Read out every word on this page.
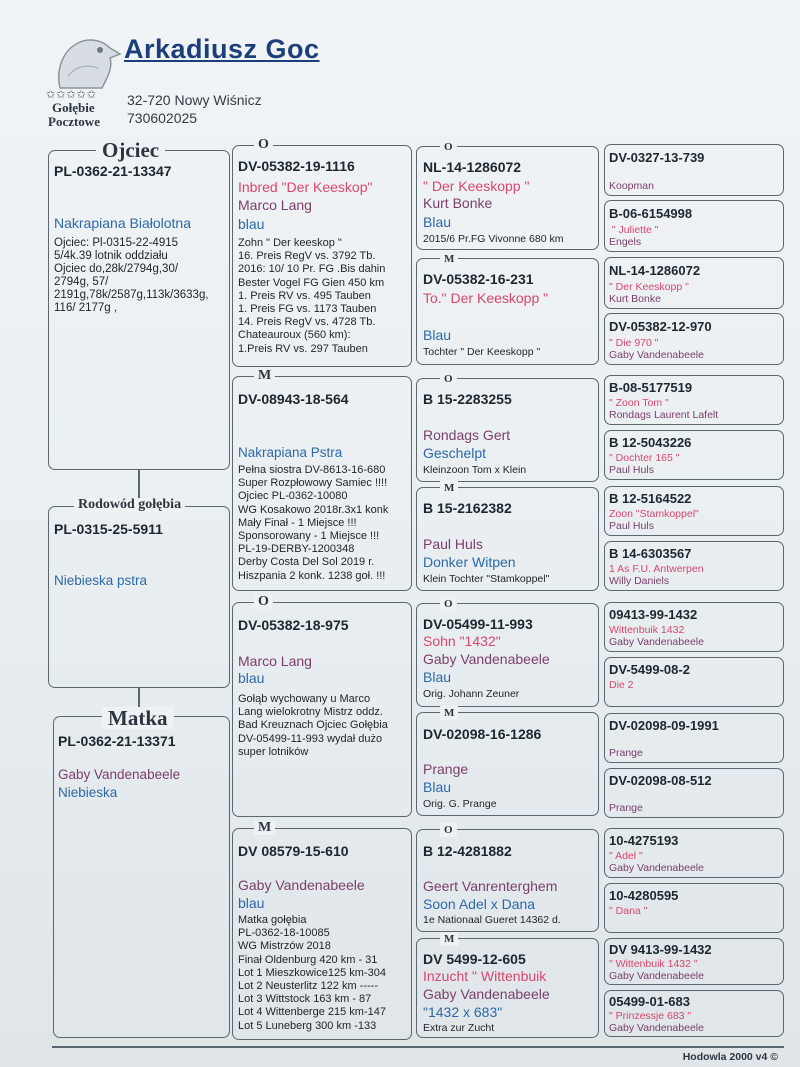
✩✩✩✩✩
Gołębie
Pocztowe
Arkadiusz Goc
32-720 Nowy Wiśnicz
730602025
PL-0362-21-13347
Nakrapiana Białolotna

Ojciec: Pl-0315-22-4915

5/4k.39 lotnik oddziału

Ojciec do,28k/2794g,30/

2794g, 57/

2191g,78k/2587g,113k/3633g,

116/ 2177g ,

Ojciec
PL-0315-25-5911
Niebieska pstra
Rodowód gołębia
PL-0362-21-13371
Gaby Vandenabeele
Niebieska
Matka
DV-05382-19-1116
Inbred "Der Keeskop"
Marco Lang
blau

Zohn " Der keeskop "

16. Preis RegV vs. 3792 Tb.

2016: 10/ 10 Pr. FG .Bis dahin

Bester Vogel FG Gien 450 km

1. Preis RV vs. 495 Tauben

1. Preis FG vs. 1173 Tauben

14. Preis RegV vs. 4728 Tb.

Chateauroux (560 km):

1.Preis RV vs. 297 Tauben

O
DV-08943-18-564
Nakrapiana Pstra

Pełna siostra DV-8613-16-680

Super Rozpłowowy Samiec !!!!

Ojciec PL-0362-10080

WG Kosakowo 2018r.3x1 konk

Mały Finał - 1 Miejsce !!!

Sponsorowany - 1 Miejsce !!!

PL-19-DERBY-1200348

Derby Costa Del Sol 2019 r.

Hiszpania 2 konk. 1238 goł. !!!

M
DV-05382-18-975
Marco Lang
blau

Gołąb wychowany u Marco

Lang wielokrotny Mistrz oddz.

Bad Kreuznach Ojciec Gołębia

DV-05499-11-993 wydał dużo

super lotników

O
DV 08579-15-610
Gaby Vandenabeele
blau

Matka gołębia

PL-0362-18-10085

WG Mistrzów 2018

Finał Oldenburg 420 km - 31

Lot 1 Mieszkowice125 km-304

Lot 2 Neusterlitz 122 km -----

Lot 3 Wittstock 163 km - 87

Lot 4 Wittenberge 215 km-147

Lot 5 Luneberg 300 km -133

M
NL-14-1286072
" Der Keeskopp "
Kurt Bonke
Blau
2015/6 Pr.FG Vivonne 680 km
O
DV-05382-16-231
To." Der Keeskopp "
Blau
Tochter " Der Keeskopp "
M
B 15-2283255
Rondags Gert
Geschelpt
Kleinzoon Tom x Klein
O
B 15-2162382
Paul Huls
Donker Witpen
Klein Tochter "Stamkoppel"
M
DV-05499-11-993
Sohn "1432"
Gaby Vandenabeele
Blau
Orig. Johann Zeuner
O
DV-02098-16-1286
Prange
Blau
Orig. G. Prange
M
B 12-4281882
Geert Vanrenterghem
Soon Adel x Dana
1e Nationaal Gueret 14362 d.
O
DV 5499-12-605
Inzucht " Wittenbuik
Gaby Vandenabeele
"1432 x 683"
Extra zur Zucht
M
DV-0327-13-739
Koopman
B-06-6154998
" Juliette "
Engels
NL-14-1286072
" Der Keeskopp "
Kurt Bonke
DV-05382-12-970
" Die 970 "
Gaby Vandenabeele
B-08-5177519
" Zoon Tom "
Rondags Laurent Lafelt
B 12-5043226
" Dochter 165 "
Paul Huls
B 12-5164522
Zoon "Stamkoppel"
Paul Huls
B 14-6303567
1 As F.U. Antwerpen
Willy Daniels
09413-99-1432
Wittenbuik 1432
Gaby Vandenabeele
DV-5499-08-2
Die 2
DV-02098-09-1991
Prange
DV-02098-08-512
Prange
10-4275193
" Adel "
Gaby Vandenabeele
10-4280595
" Dana "
DV 9413-99-1432
" Wittenbuik 1432 "
Gaby Vandenabeele
05499-01-683
" Prinzessje 683 "
Gaby Vandenabeele
Hodowla 2000 v4 ©
